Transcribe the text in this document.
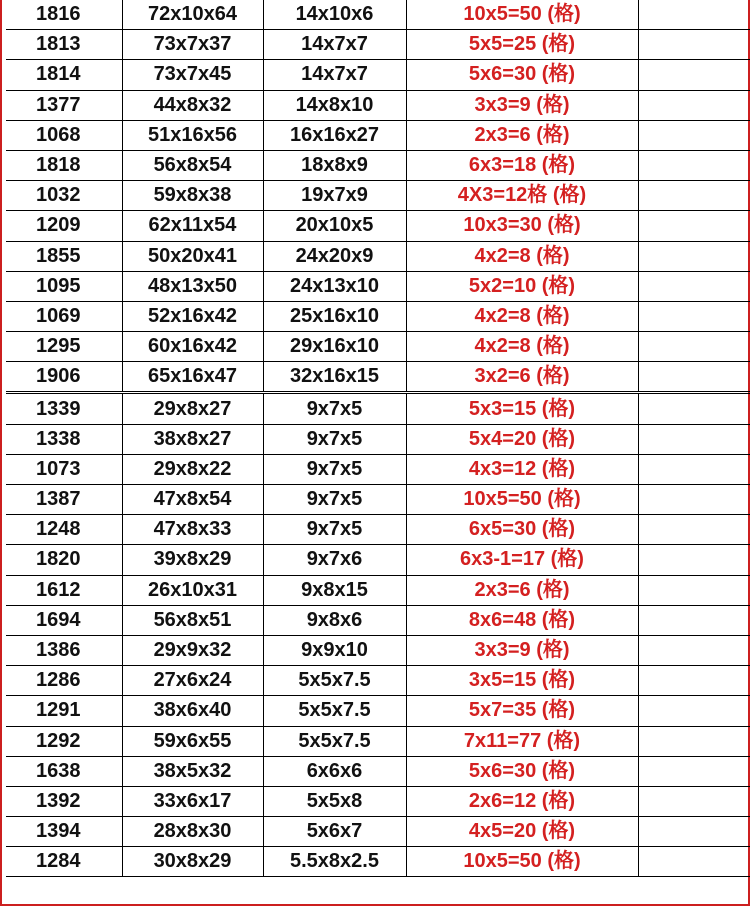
1816	72x10x64	14x10x6	10x5=50 (格)	
1813	73x7x37	14x7x7	5x5=25 (格)	
1814	73x7x45	14x7x7	5x6=30 (格)	
1377	44x8x32	14x8x10	3x3=9 (格)	
1068	51x16x56	16x16x27	2x3=6 (格)	
1818	56x8x54	18x8x9	6x3=18 (格)	
1032	59x8x38	19x7x9	4X3=12格 (格)	
1209	62x11x54	20x10x5	10x3=30 (格)	
1855	50x20x41	24x20x9	4x2=8 (格)	
1095	48x13x50	24x13x10	5x2=10 (格)	
1069	52x16x42	25x16x10	4x2=8 (格)	
1295	60x16x42	29x16x10	4x2=8 (格)	
1906	65x16x47	32x16x15	3x2=6 (格)	
1339	29x8x27	9x7x5	5x3=15 (格)	
1338	38x8x27	9x7x5	5x4=20 (格)	
1073	29x8x22	9x7x5	4x3=12 (格)	
1387	47x8x54	9x7x5	10x5=50 (格)	
1248	47x8x33	9x7x5	6x5=30 (格)	
1820	39x8x29	9x7x6	6x3-1=17 (格)	
1612	26x10x31	9x8x15	2x3=6 (格)	
1694	56x8x51	9x8x6	8x6=48 (格)	
1386	29x9x32	9x9x10	3x3=9 (格)	
1286	27x6x24	5x5x7.5	3x5=15 (格)	
1291	38x6x40	5x5x7.5	5x7=35 (格)	
1292	59x6x55	5x5x7.5	7x11=77 (格)	
1638	38x5x32	6x6x6	5x6=30 (格)	
1392	33x6x17	5x5x8	2x6=12 (格)	
1394	28x8x30	5x6x7	4x5=20 (格)	
1284	30x8x29	5.5x8x2.5	10x5=50 (格)	
